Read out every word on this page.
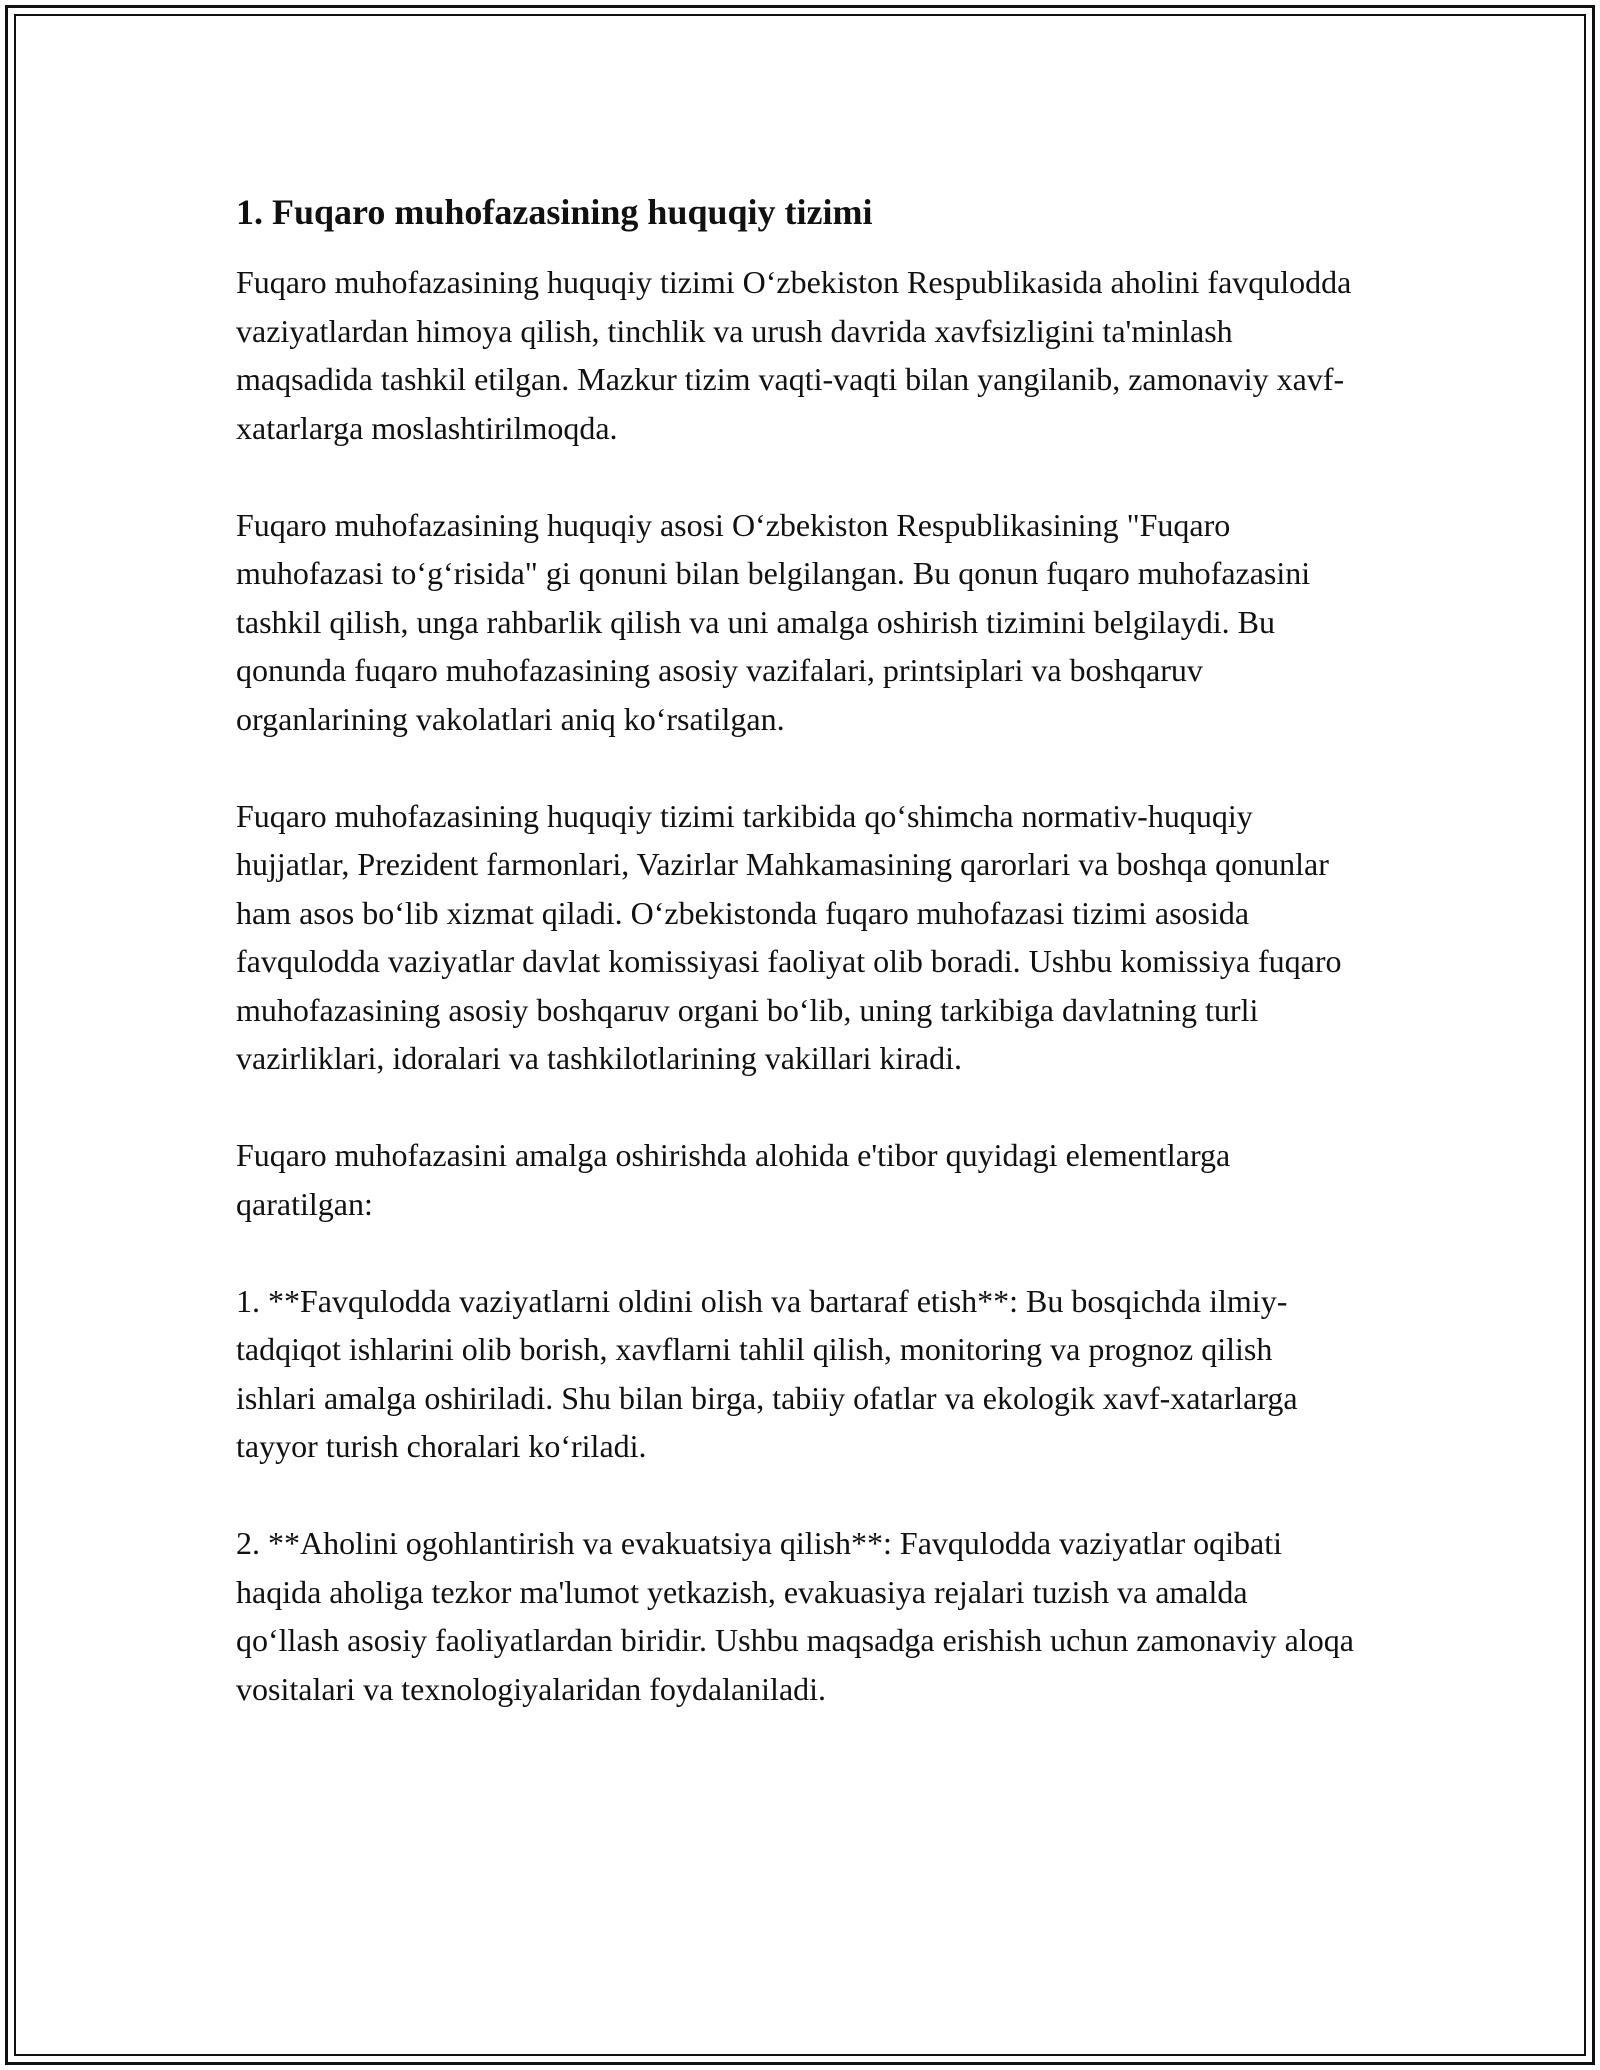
1. Fuqaro muhofazasining huquqiy tizimi

Fuqaro muhofazasining huquqiy tizimi O‘zbekiston Respublikasida aholini favqulodda vaziyatlardan himoya qilish, tinchlik va urush davrida xavfsizligini ta'minlash maqsadida tashkil etilgan. Mazkur tizim vaqti-vaqti bilan yangilanib, zamonaviy xavf-xatarlarga moslashtirilmoqda.

Fuqaro muhofazasining huquqiy asosi O‘zbekiston Respublikasining "Fuqaro muhofazasi to‘g‘risida" gi qonuni bilan belgilangan. Bu qonun fuqaro muhofazasini tashkil qilish, unga rahbarlik qilish va uni amalga oshirish tizimini belgilaydi. Bu qonunda fuqaro muhofazasining asosiy vazifalari, printsiplari va boshqaruv organlarining vakolatlari aniq ko‘rsatilgan.

Fuqaro muhofazasining huquqiy tizimi tarkibida qo‘shimcha normativ-huquqiy hujjatlar, Prezident farmonlari, Vazirlar Mahkamasining qarorlari va boshqa qonunlar ham asos bo‘lib xizmat qiladi. O‘zbekistonda fuqaro muhofazasi tizimi asosida favqulodda vaziyatlar davlat komissiyasi faoliyat olib boradi. Ushbu komissiya fuqaro muhofazasining asosiy boshqaruv organi bo‘lib, uning tarkibiga davlatning turli vazirliklari, idoralari va tashkilotlarining vakillari kiradi.

Fuqaro muhofazasini amalga oshirishda alohida e'tibor quyidagi elementlarga qaratilgan:

1. **Favqulodda vaziyatlarni oldini olish va bartaraf etish**: Bu bosqichda ilmiy-tadqiqot ishlarini olib borish, xavflarni tahlil qilish, monitoring va prognoz qilish ishlari amalga oshiriladi. Shu bilan birga, tabiiy ofatlar va ekologik xavf-xatarlarga tayyor turish choralari ko‘riladi.

2. **Aholini ogohlantirish va evakuatsiya qilish**: Favqulodda vaziyatlar oqibati haqida aholiga tezkor ma'lumot yetkazish, evakuasiya rejalari tuzish va amalda qo‘llash asosiy faoliyatlardan biridir. Ushbu maqsadga erishish uchun zamonaviy aloqa vositalari va texnologiyalaridan foydalaniladi.
